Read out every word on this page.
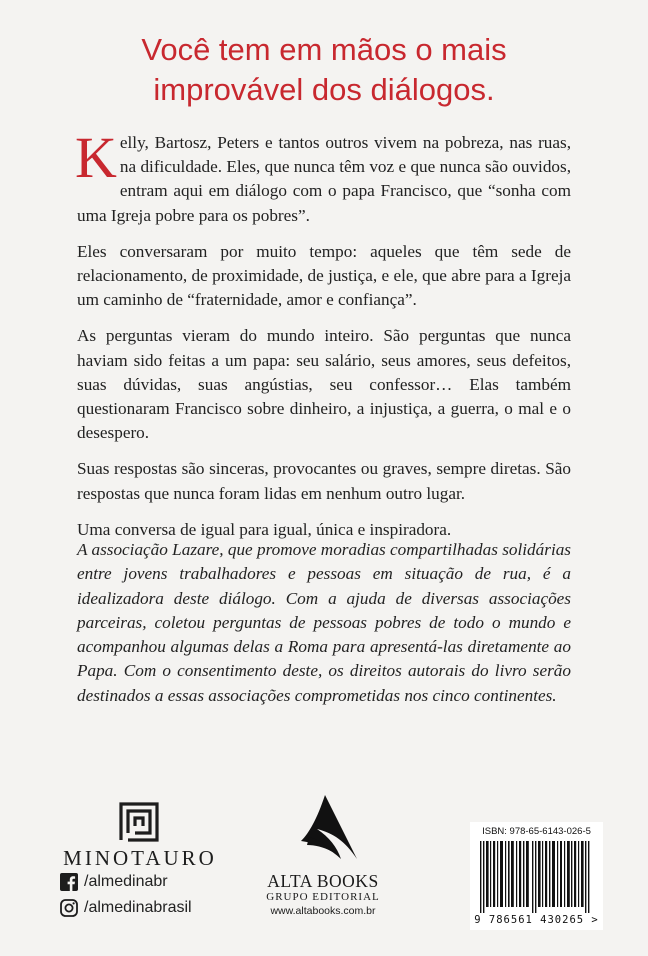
Você tem em mãos o mais
improvável dos diálogos.

Kelly, Bartosz, Peters e tantos outros vivem na pobreza, nas ruas, na dificuldade. Eles, que nunca têm voz e que nunca são ouvidos, entram aqui em diálogo com o papa Francisco, que “sonha com uma Igreja pobre para os pobres”.

Eles conversaram por muito tempo: aqueles que têm sede de relacionamento, de proximidade, de justiça, e ele, que abre para a Igreja um caminho de “fraternidade, amor e confiança”.

As perguntas vieram do mundo inteiro. São perguntas que nunca haviam sido feitas a um papa: seu salário, seus amores, seus defeitos, suas dúvidas, suas angústias, seu confessor… Elas também questionaram Francisco sobre dinheiro, a injustiça, a guerra, o mal e o desespero.

Suas respostas são sinceras, provocantes ou graves, sempre diretas. São respostas que nunca foram lidas em nenhum outro lugar.

Uma conversa de igual para igual, única e inspiradora.

A associação Lazare, que promove moradias compartilhadas solidárias entre jovens trabalhadores e pessoas em situação de rua, é a idealizadora deste diálogo. Com a ajuda de diversas associações parceiras, coletou perguntas de pessoas pobres de todo o mundo e acompanhou algumas delas a Roma para apresentá-las diretamente ao Papa. Com o consentimento deste, os direitos autorais do livro serão destinados a essas associações comprometidas nos cinco continentes.

MINOTAURO
/almedinabr
/almedinabrasil
ALTA BOOKS
GRUPO EDITORIAL
www.altabooks.com.br
ISBN: 978-65-6143-026-5
9 786561 430265 >
